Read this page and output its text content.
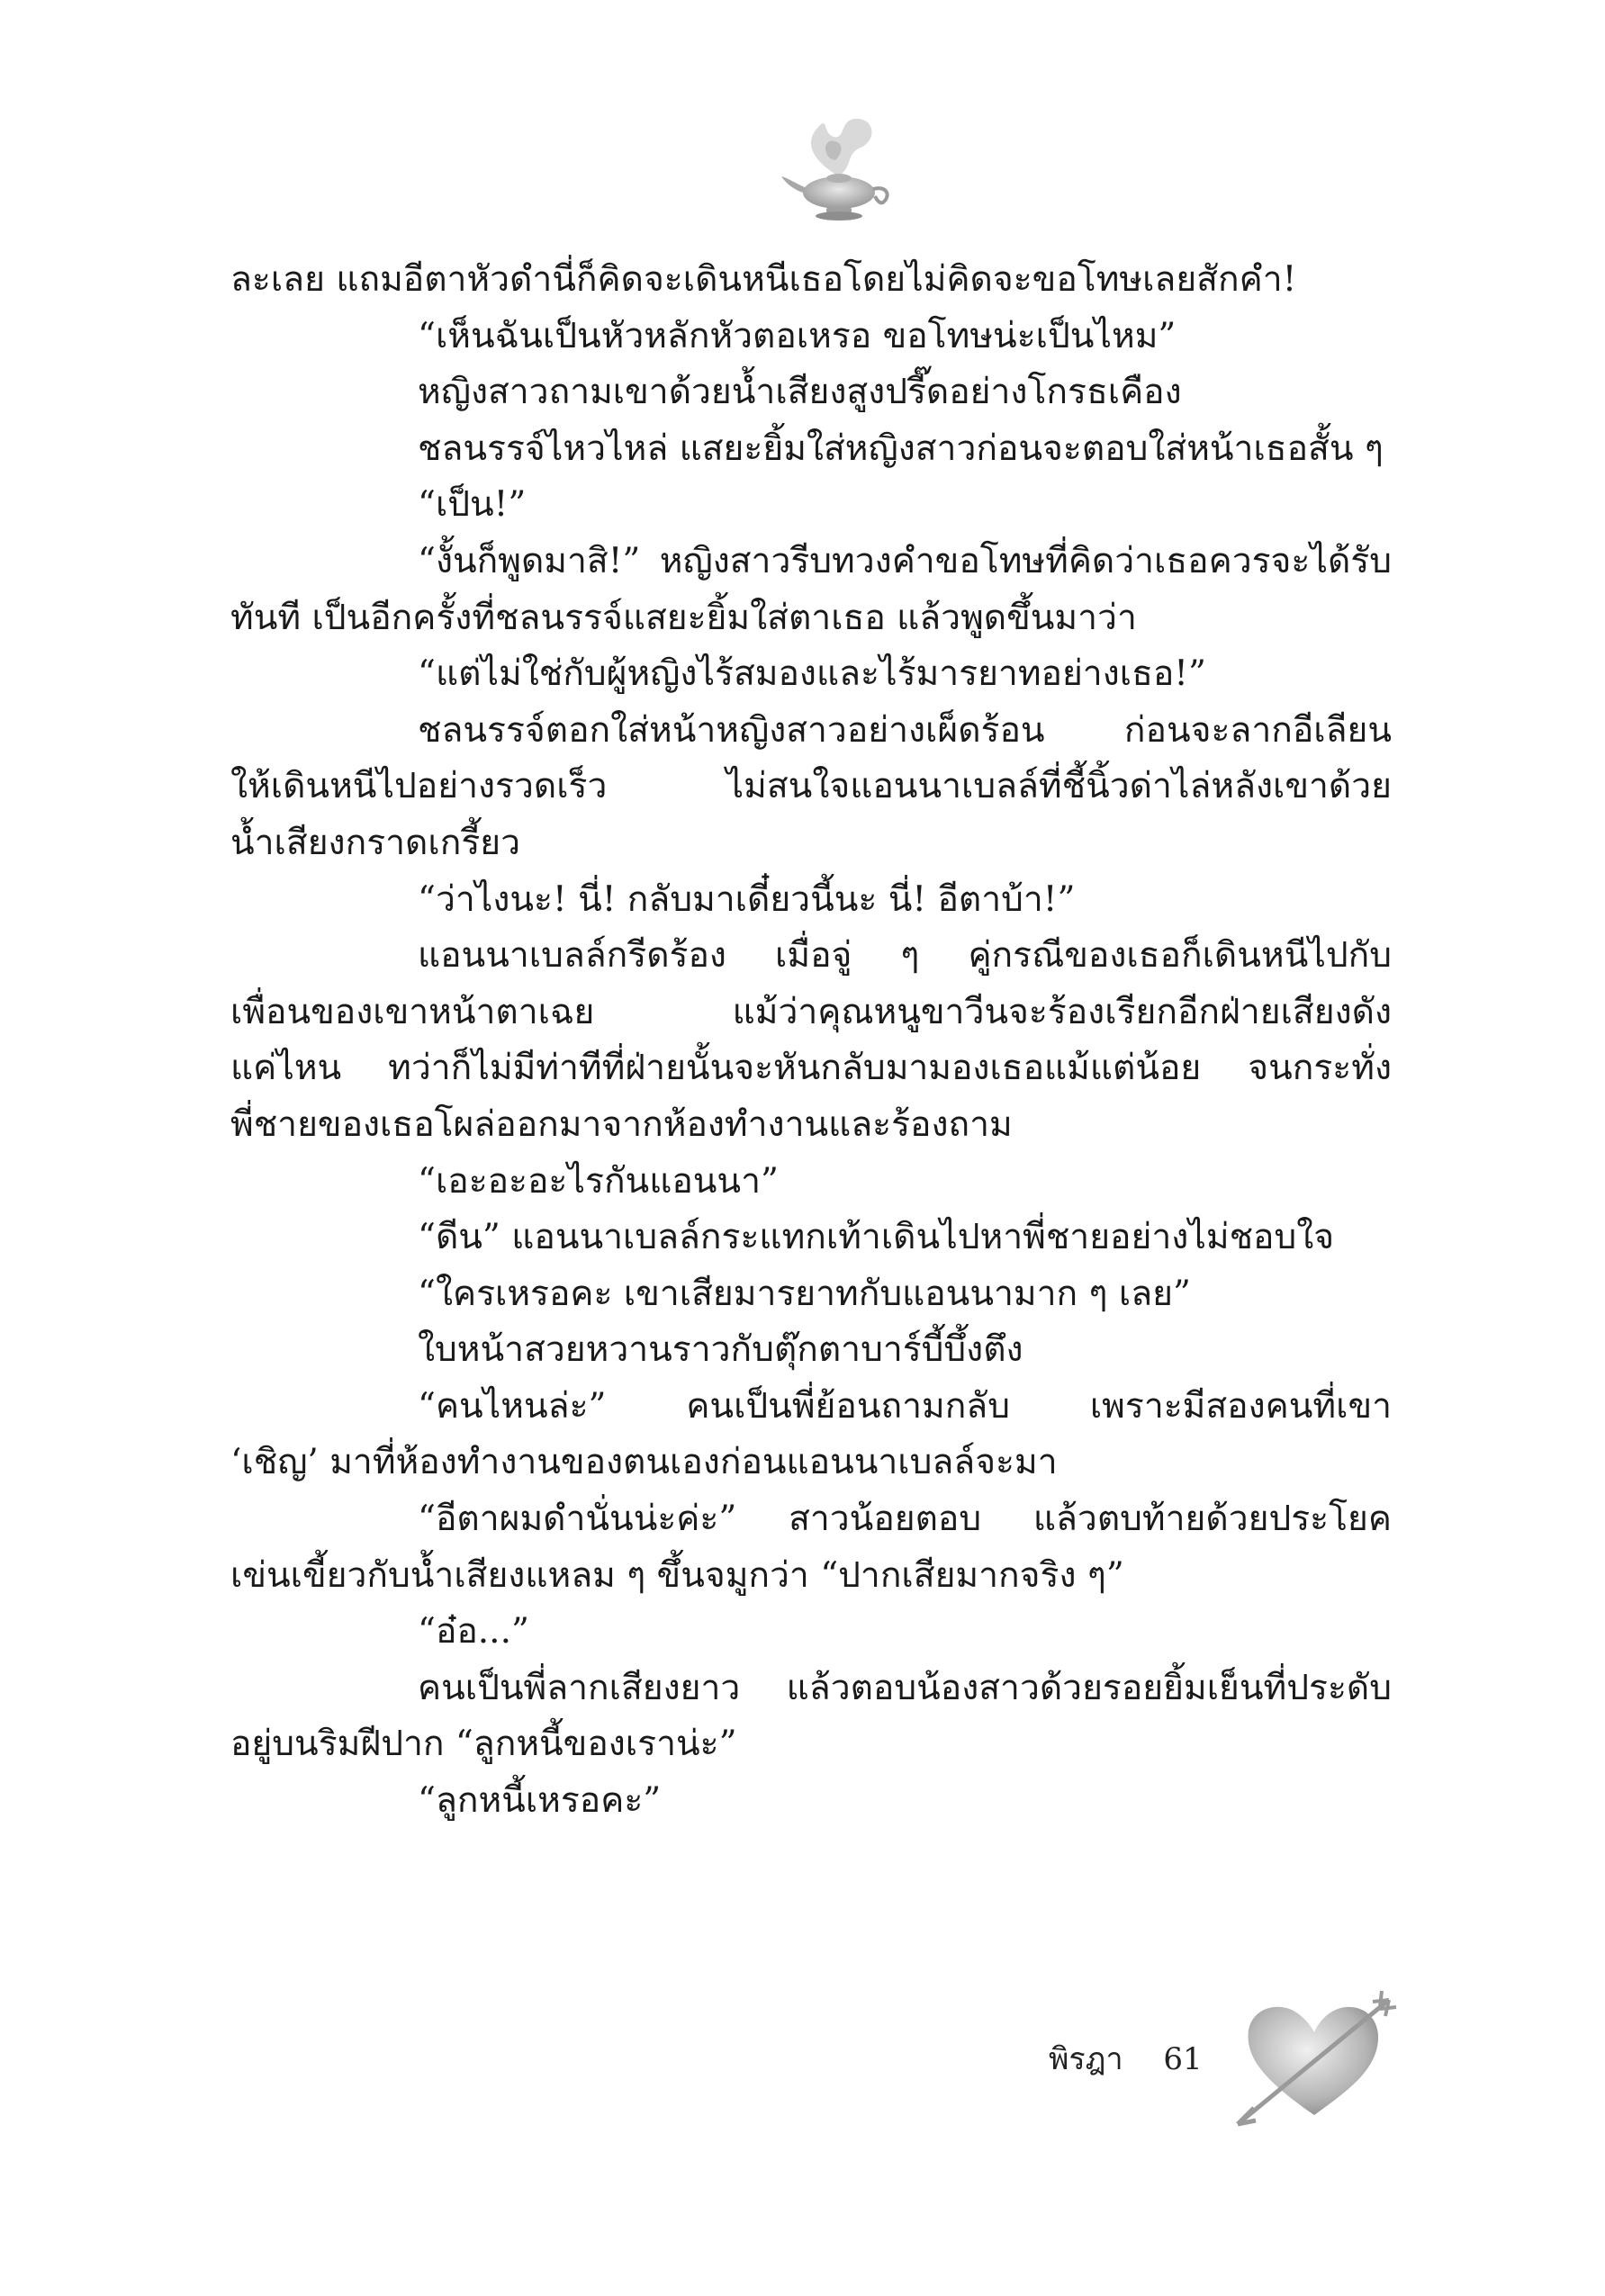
ละเลย แถมอีตาหัวดำนี่ก็คิดจะเดินหนีเธอโดยไม่คิดจะขอโทษเลยสักคำ!
“เห็นฉันเป็นหัวหลักหัวตอเหรอ ขอโทษน่ะเป็นไหม”
หญิงสาวถามเขาด้วยน้ำเสียงสูงปรี๊ดอย่างโกรธเคือง
ชลนรรจ์ไหวไหล่ แสยะยิ้มใส่หญิงสาวก่อนจะตอบใส่หน้าเธอสั้น ๆ
“เป็น!”
“งั้นก็พูดมาสิ!” หญิงสาวรีบทวงคำขอโทษที่คิดว่าเธอควรจะได้รับ
ทันที เป็นอีกครั้งที่ชลนรรจ์แสยะยิ้มใส่ตาเธอ แล้วพูดขึ้นมาว่า
“แต่ไม่ใช่กับผู้หญิงไร้สมองและไร้มารยาทอย่างเธอ!”
ชลนรรจ์ตอกใส่หน้าหญิงสาวอย่างเผ็ดร้อน ก่อนจะลากอีเลียน
ให้เดินหนีไปอย่างรวดเร็ว ไม่สนใจแอนนาเบลล์ที่ชี้นิ้วด่าไล่หลังเขาด้วย
น้ำเสียงกราดเกรี้ยว
“ว่าไงนะ! นี่! กลับมาเดี๋ยวนี้นะ นี่! อีตาบ้า!”
แอนนาเบลล์กรีดร้อง เมื่อจู่ ๆ คู่กรณีของเธอก็เดินหนีไปกับ
เพื่อนของเขาหน้าตาเฉย แม้ว่าคุณหนูขาวีนจะร้องเรียกอีกฝ่ายเสียงดัง
แค่ไหน ทว่าก็ไม่มีท่าทีที่ฝ่ายนั้นจะหันกลับมามองเธอแม้แต่น้อย จนกระทั่ง
พี่ชายของเธอโผล่ออกมาจากห้องทำงานและร้องถาม
“เอะอะอะไรกันแอนนา”
“ดีน” แอนนาเบลล์กระแทกเท้าเดินไปหาพี่ชายอย่างไม่ชอบใจ
“ใครเหรอคะ เขาเสียมารยาทกับแอนนามาก ๆ เลย”
ใบหน้าสวยหวานราวกับตุ๊กตาบาร์บี้บึ้งตึง
“คนไหนล่ะ” คนเป็นพี่ย้อนถามกลับ เพราะมีสองคนที่เขา
‘เชิญ’ มาที่ห้องทำงานของตนเองก่อนแอนนาเบลล์จะมา
“อีตาผมดำนั่นน่ะค่ะ” สาวน้อยตอบ แล้วตบท้ายด้วยประโยค
เข่นเขี้ยวกับน้ำเสียงแหลม ๆ ขึ้นจมูกว่า “ปากเสียมากจริง ๆ”
“อ๋อ...”
คนเป็นพี่ลากเสียงยาว แล้วตอบน้องสาวด้วยรอยยิ้มเย็นที่ประดับ
อยู่บนริมฝีปาก “ลูกหนี้ของเราน่ะ”
“ลูกหนี้เหรอคะ”
พิรฎา 61
